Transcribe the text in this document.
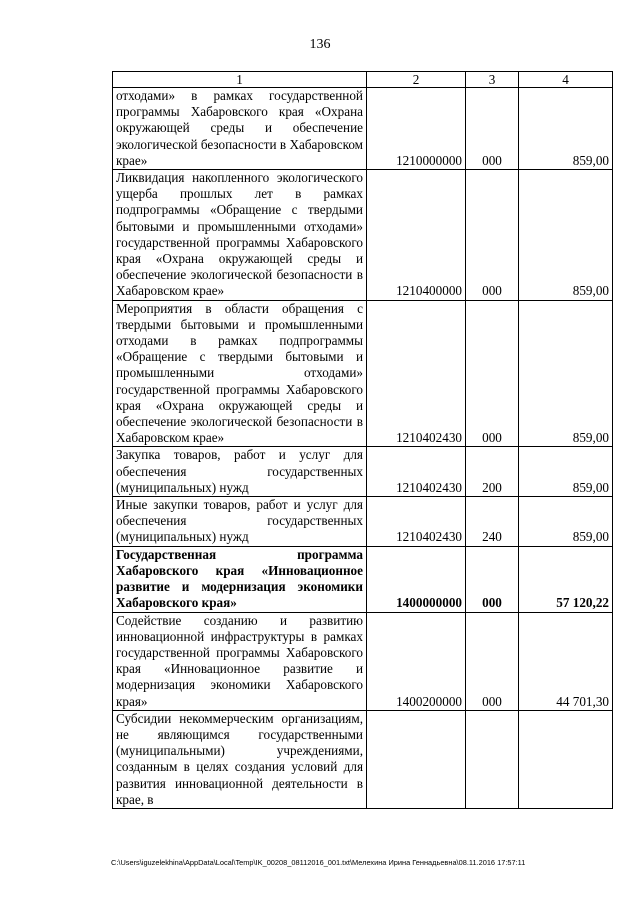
136
1	2	3	4
отходами» в рамках государственной программы Хабаровского края «Охрана окружающей среды и обеспечение экологической безопасности в Хабаровском крае»	1210000000	000	859,00
Ликвидация накопленного экологического ущерба прошлых лет в рамках подпрограммы «Обращение с твердыми бытовыми и промышленными отходами» государственной программы Хабаровского края «Охрана окружающей среды и обеспечение экологической безопасности в Хабаровском крае»	1210400000	000	859,00
Мероприятия в области обращения с твердыми бытовыми и промышленными отходами в рамках подпрограммы «Обращение с твердыми бытовыми и промышленными отходами» государственной программы Хабаровского края «Охрана окружающей среды и обеспечение экологической безопасности в Хабаровском крае»	1210402430	000	859,00
Закупка товаров, работ и услуг для обеспечения государственных (муниципальных) нужд	1210402430	200	859,00
Иные закупки товаров, работ и услуг для обеспечения государственных (муниципальных) нужд	1210402430	240	859,00
Государственная программа Хабаровского края «Инновационное развитие и модернизация экономики Хабаровского края»	1400000000	000	57 120,22
Содействие созданию и развитию инновационной инфраструктуры в рамках государственной программы Хабаровского края «Инновационное развитие и модернизация экономики Хабаровского края»	1400200000	000	44 701,30
Субсидии некоммерческим организациям, не являющимся государственными (муниципальными) учреждениями, созданным в целях создания условий для развития инновационной деятельности в крае, в			
C:\Users\iguzelekhina\AppData\Local\Temp\IK_00208_08112016_001.txt\Мелехина Ирина Геннадьевна\08.11.2016 17:57:11
